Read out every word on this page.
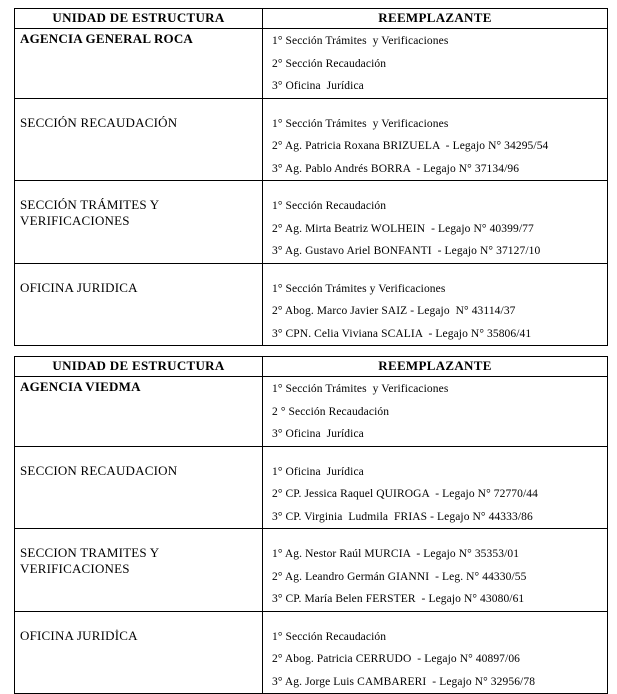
UNIDAD DE ESTRUCTURA	REEMPLAZANTE
AGENCIA GENERAL ROCA	1° Sección Trámites  y Verificaciones
2° Sección Recaudación
3° Oficina  Jurídica

SECCIÓN RECAUDACIÓN	1° Sección Trámites  y Verificaciones
2° Ag. Patricia Roxana BRIZUELA  - Legajo N° 34295/54
3° Ag. Pablo Andrés BORRA  - Legajo N° 37134/96

SECCIÓN TRÁMITES Y VERIFICACIONES	1° Sección Recaudación
2° Ag. Mirta Beatriz WOLHEIN  - Legajo N° 40399/77
3° Ag. Gustavo Ariel BONFANTI  - Legajo N° 37127/10

OFICINA JURIDICA	1° Sección Trámites y Verificaciones
2° Abog. Marco Javier SAIZ - Legajo  N° 43114/37
3° CPN. Celia Viviana SCALIA  - Legajo N° 35806/41
UNIDAD DE ESTRUCTURA	REEMPLAZANTE
AGENCIA VIEDMA	1° Sección Trámites  y Verificaciones
2 ° Sección Recaudación
3° Oficina  Jurídica

SECCION RECAUDACION	1° Oficina  Jurídica
2° CP. Jessica Raquel QUIROGA  - Legajo N° 72770/44
3° CP. Virginia  Ludmila  FRIAS - Legajo N° 44333/86

SECCION TRAMITES Y VERIFICACIONES	1° Ag. Nestor Raúl MURCIA  - Legajo N° 35353/01
2° Ag. Leandro Germán GIANNI  - Leg. N° 44330/55
3° CP. María Belen FERSTER  - Legajo N° 43080/61

OFICINA JURIDİCA	1° Sección Recaudación
2° Abog. Patricia CERRUDO  - Legajo N° 40897/06
3° Ag. Jorge Luis CAMBARERI  - Legajo N° 32956/78
